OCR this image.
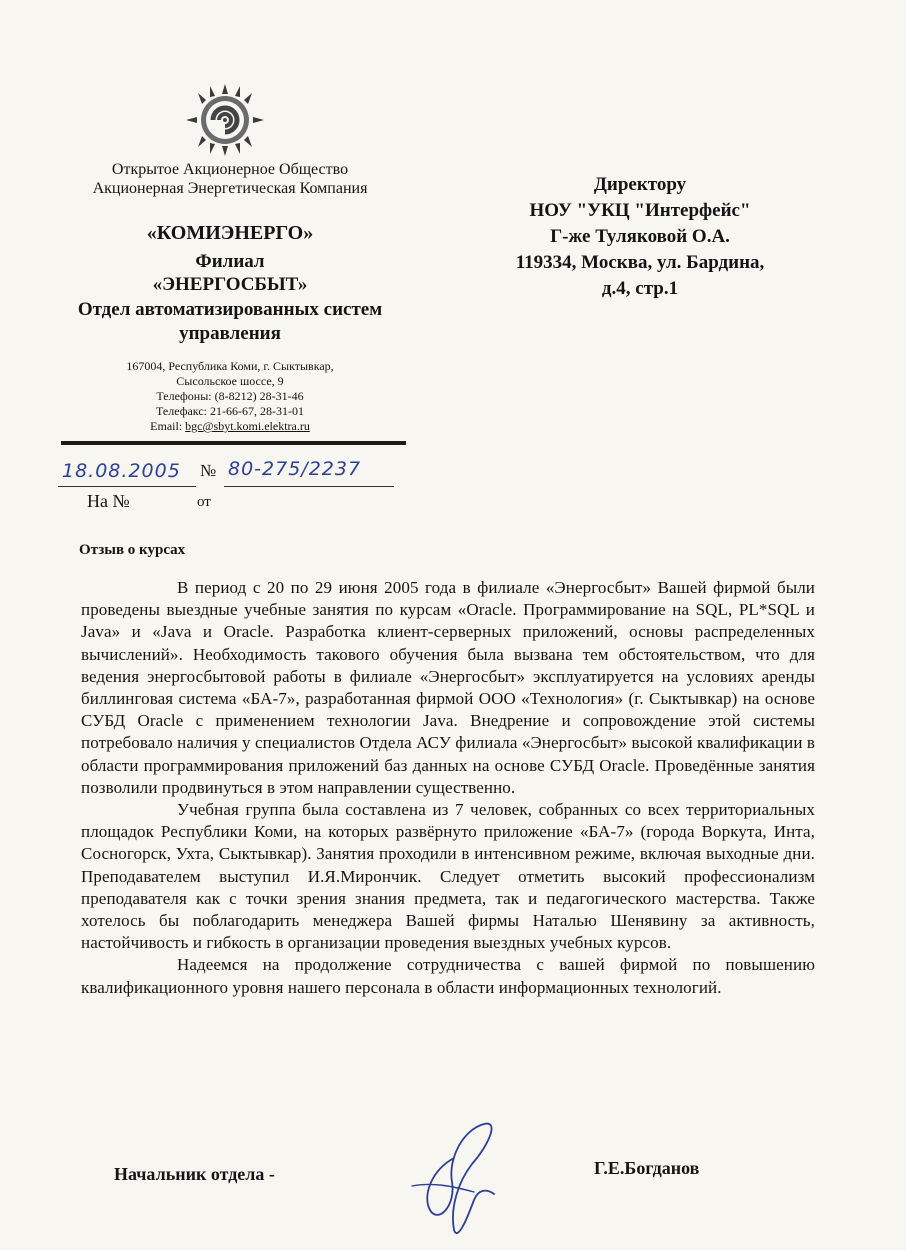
Открытое Акционерное Общество
Акционерная Энергетическая Компания
«КОМИЭНЕРГО»
Филиал
«ЭНЕРГОСБЫТ»
Отдел автоматизированных систем
управления
167004, Республика Коми, г. Сыктывкар,
Сысольское шоссе, 9
Телефоны: (8-8212) 28-31-46
Телефакс: 21-66-67, 28-31-01
Email: bgc@sbyt.komi.elektra.ru
18.08.2005 № 80-275/2237
На №	от
Директору
НОУ "УКЦ "Интерфейс"
Г-же Туляковой О.А.
119334, Москва, ул. Бардина,
д.4, стр.1
Отзыв о курсах

В период с 20 по 29 июня 2005 года в филиале «Энергосбыт» Вашей фирмой были проведены выездные учебные занятия по курсам «Oracle. Программирование на SQL, PL*SQL и Java» и «Java и Oracle. Разработка клиент-серверных приложений, основы распределенных вычислений». Необходимость такового обучения была вызвана тем обстоятельством, что для ведения энергосбытовой работы в филиале «Энергосбыт» эксплуатируется на условиях аренды биллинговая система «БА-7», разработанная фирмой ООО «Технология» (г. Сыктывкар) на основе СУБД Oracle с применением технологии Java. Внедрение и сопровождение этой системы потребовало наличия у специалистов Отдела АСУ филиала «Энергосбыт» высокой квалификации в области программирования приложений баз данных на основе СУБД Oracle. Проведённые занятия позволили продвинуться в этом направлении существенно.

Учебная группа была составлена из 7 человек, собранных со всех территориальных площадок Республики Коми, на которых развёрнуто приложение «БА-7» (города Воркута, Инта, Сосногорск, Ухта, Сыктывкар). Занятия проходили в интенсивном режиме, включая выходные дни. Преподавателем выступил И.Я.Мирончик. Следует отметить высокий профессионализм преподавателя как с точки зрения знания предмета, так и педагогического мастерства. Также хотелось бы поблагодарить менеджера Вашей фирмы Наталью Шенявину за активность, настойчивость и гибкость в организации проведения выездных учебных курсов.

Надеемся на продолжение сотрудничества с вашей фирмой по повышению квалификационного уровня нашего персонала в области информационных технологий.

Начальник отдела -	Г.Е.Богданов
